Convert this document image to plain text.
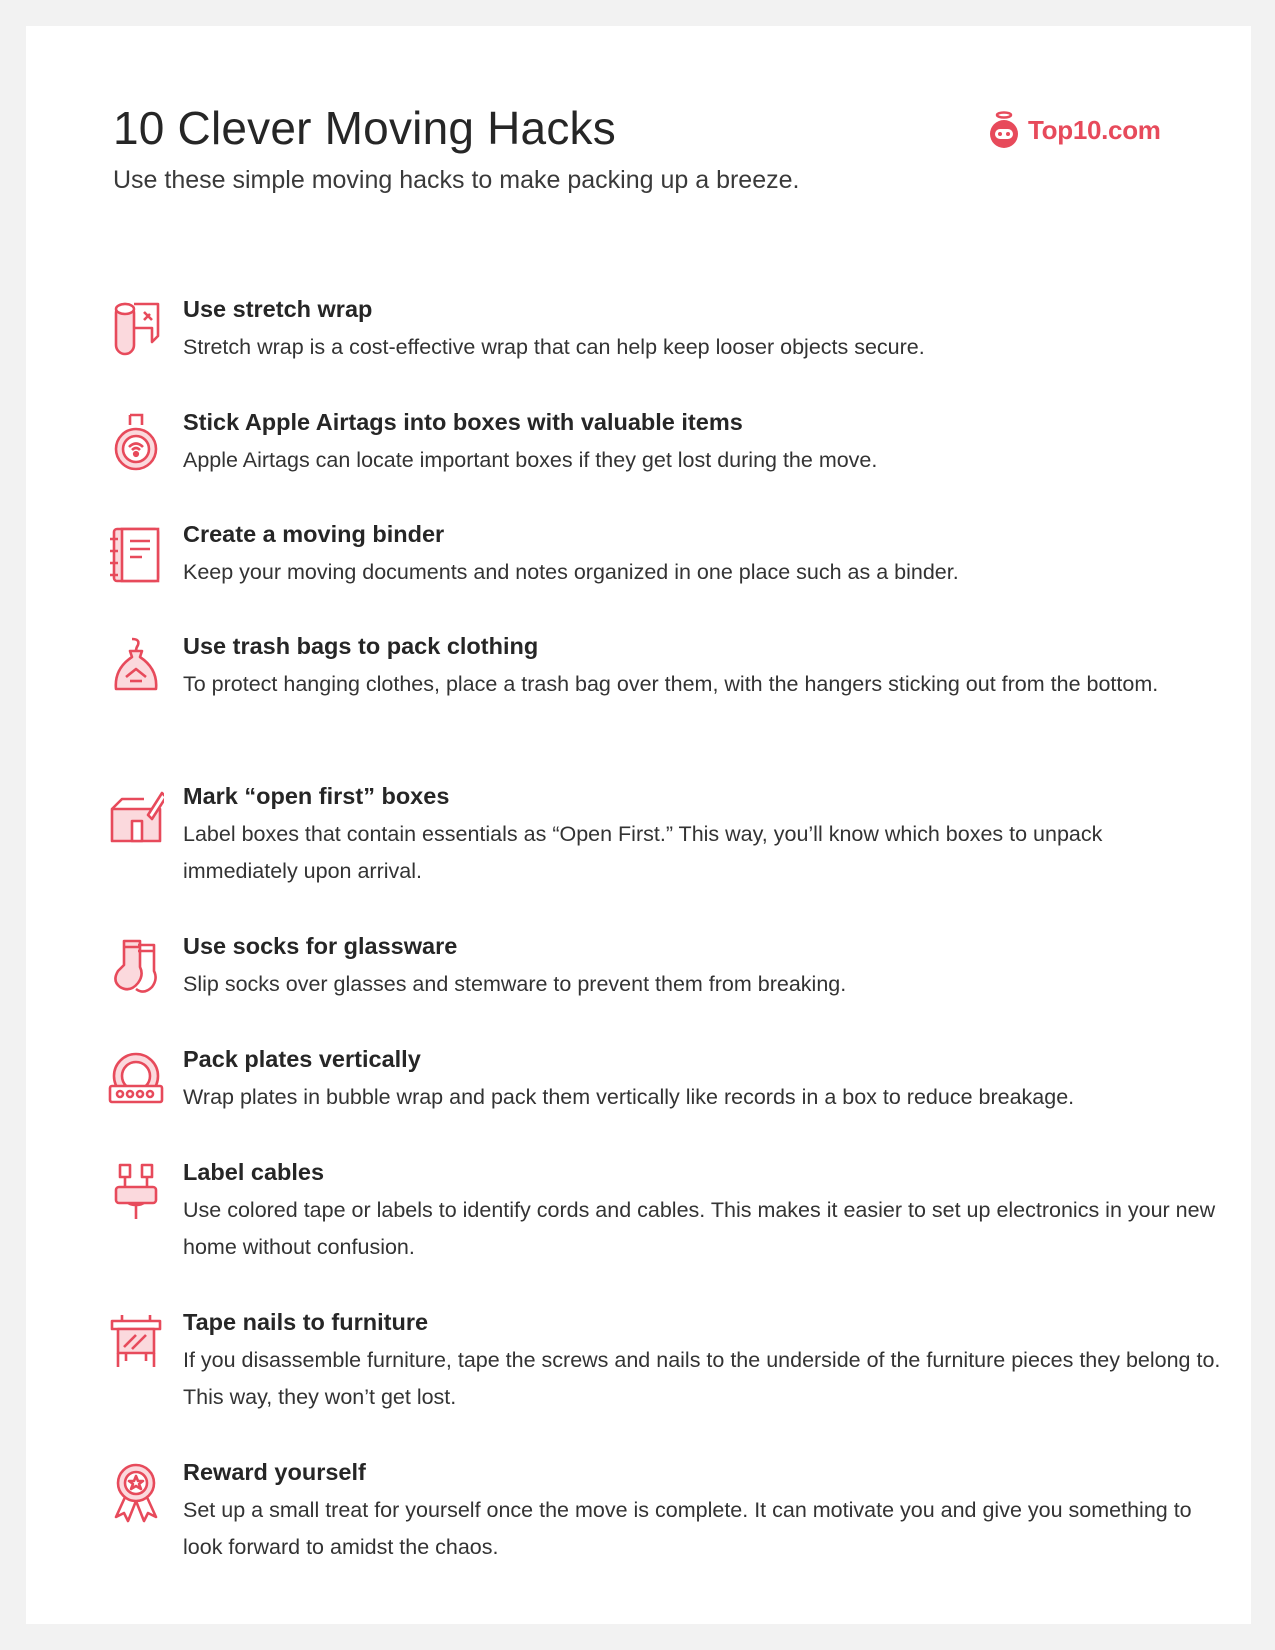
10 Clever Moving Hacks
Use these simple moving hacks to make packing up a breeze.
Top10.com
Use stretch wrap
Stretch wrap is a cost-effective wrap that can help keep looser objects secure.
Stick Apple Airtags into boxes with valuable items
Apple Airtags can locate important boxes if they get lost during the move.
Create a moving binder
Keep your moving documents and notes organized in one place such as a binder.
Use trash bags to pack clothing
To protect hanging clothes, place a trash bag over them, with the hangers sticking out from the bottom.
Mark “open first” boxes
Label boxes that contain essentials as “Open First.” This way, you’ll know which boxes to unpack immediately upon arrival.
Use socks for glassware
Slip socks over glasses and stemware to prevent them from breaking.
Pack plates vertically
Wrap plates in bubble wrap and pack them vertically like records in a box to reduce breakage.
Label cables
Use colored tape or labels to identify cords and cables. This makes it easier to set up electronics in your new home without confusion.
Tape nails to furniture
If you disassemble furniture, tape the screws and nails to the underside of the furniture pieces they belong to. This way, they won’t get lost.
Reward yourself
Set up a small treat for yourself once the move is complete. It can motivate you and give you something to look forward to amidst the chaos.
